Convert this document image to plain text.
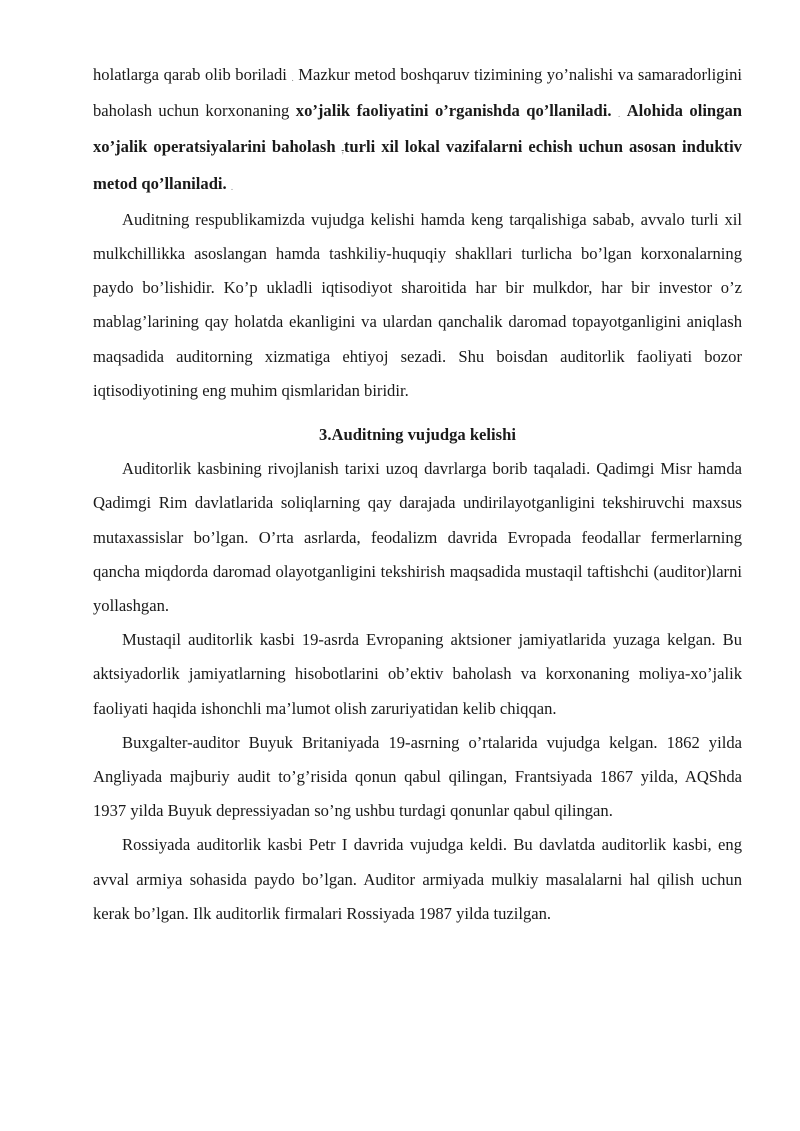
holatlarga qarab olib boriladi . Mazkur metod boshqaruv tizimining yo’nalishi va samaradorligini baholash uchun korxonaning xo’jalik faoliyatini o’rganishda qo’llaniladi. . Alohida olingan xo’jalik operatsiyalarini baholash ,turli xil lokal vazifalarni echish uchun asosan induktiv metod qo’llaniladi. .

Auditning respublikamizda vujudga kelishi hamda keng tarqalishiga sabab, avvalo turli xil mulkchillikka asoslangan hamda tashkiliy-huquqiy shakllari turlicha bo’lgan korxonalarning paydo bo’lishidir. Ko’p ukladli iqtisodiyot sharoitida har bir mulkdor, har bir investor o’z mablag’larining qay holatda ekanligini va ulardan qanchalik daromad topayotganligini aniqlash maqsadida auditorning xizmatiga ehtiyoj sezadi. Shu boisdan auditorlik faoliyati bozor iqtisodiyotining eng muhim qismlaridan biridir.

3.Auditning vujudga kelishi

Auditorlik kasbining rivojlanish tarixi uzoq davrlarga borib taqaladi. Qadimgi Misr hamda Qadimgi Rim davlatlarida soliqlarning qay darajada undirilayotganligini tekshiruvchi maxsus mutaxassislar bo’lgan. O’rta asrlarda, feodalizm davrida Evropada feodallar fermerlarning qancha miqdorda daromad olayotganligini tekshirish maqsadida mustaqil taftishchi (auditor)larni yollashgan.

Mustaqil auditorlik kasbi 19-asrda Evropaning aktsioner jamiyatlarida yuzaga kelgan. Bu aktsiyadorlik jamiyatlarning hisobotlarini ob’ektiv baholash va korxonaning moliya-xo’jalik faoliyati haqida ishonchli ma’lumot olish zaruriyatidan kelib chiqqan.

Buxgalter-auditor Buyuk Britaniyada 19-asrning o’rtalarida vujudga kelgan. 1862 yilda Angliyada majburiy audit to’g’risida qonun qabul qilingan, Frantsiyada 1867 yilda, AQShda 1937 yilda Buyuk depressiyadan so’ng ushbu turdagi qonunlar qabul qilingan.

Rossiyada auditorlik kasbi Petr I davrida vujudga keldi. Bu davlatda auditorlik kasbi, eng avval armiya sohasida paydo bo’lgan. Auditor armiyada mulkiy masalalarni hal qilish uchun kerak bo’lgan. Ilk auditorlik firmalari Rossiyada 1987 yilda tuzilgan.
